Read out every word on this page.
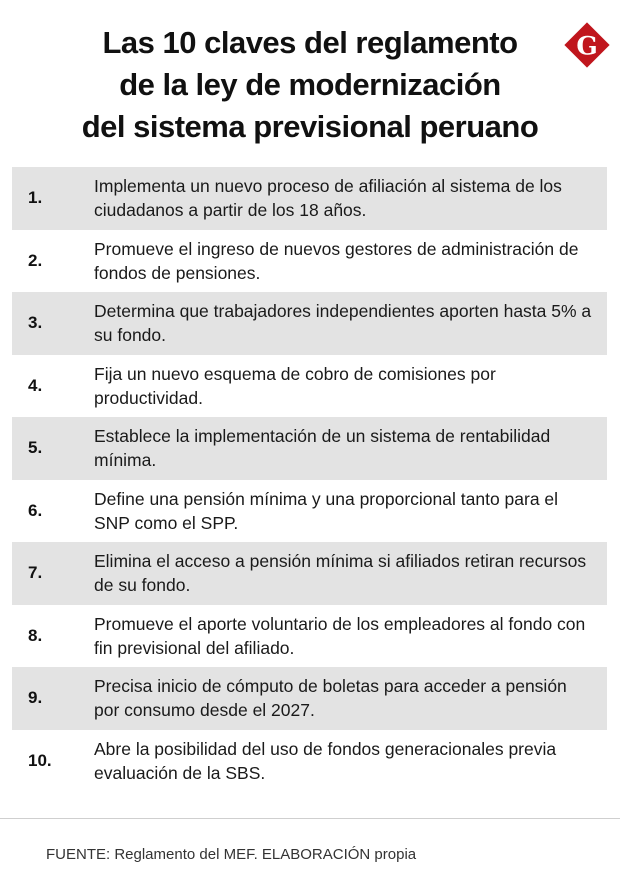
Las 10 claves del reglamento
de la ley de modernización
del sistema previsional peruano
G
1.
Implementa un nuevo proceso de afiliación al sistema de los ciudadanos a partir de los 18 años.
2.
Promueve el ingreso de nuevos gestores de administración de fondos de pensiones.
3.
Determina que trabajadores independientes aporten hasta 5% a su fondo.
4.
Fija un nuevo esquema de cobro de comisiones por productividad.
5.
Establece la implementación de un sistema de rentabilidad mínima.
6.
Define una pensión mínima y una proporcional tanto para el SNP como el SPP.
7.
Elimina el acceso a pensión mínima si afiliados retiran recursos de su fondo.
8.
Promueve el aporte voluntario de los empleadores al fondo con fin previsional del afiliado.
9.
Precisa inicio de cómputo de boletas para acceder a pensión por consumo desde el 2027.
10.
Abre la posibilidad del uso de fondos generacionales previa evaluación de la SBS.
FUENTE: Reglamento del MEF. ELABORACIÓN propia
